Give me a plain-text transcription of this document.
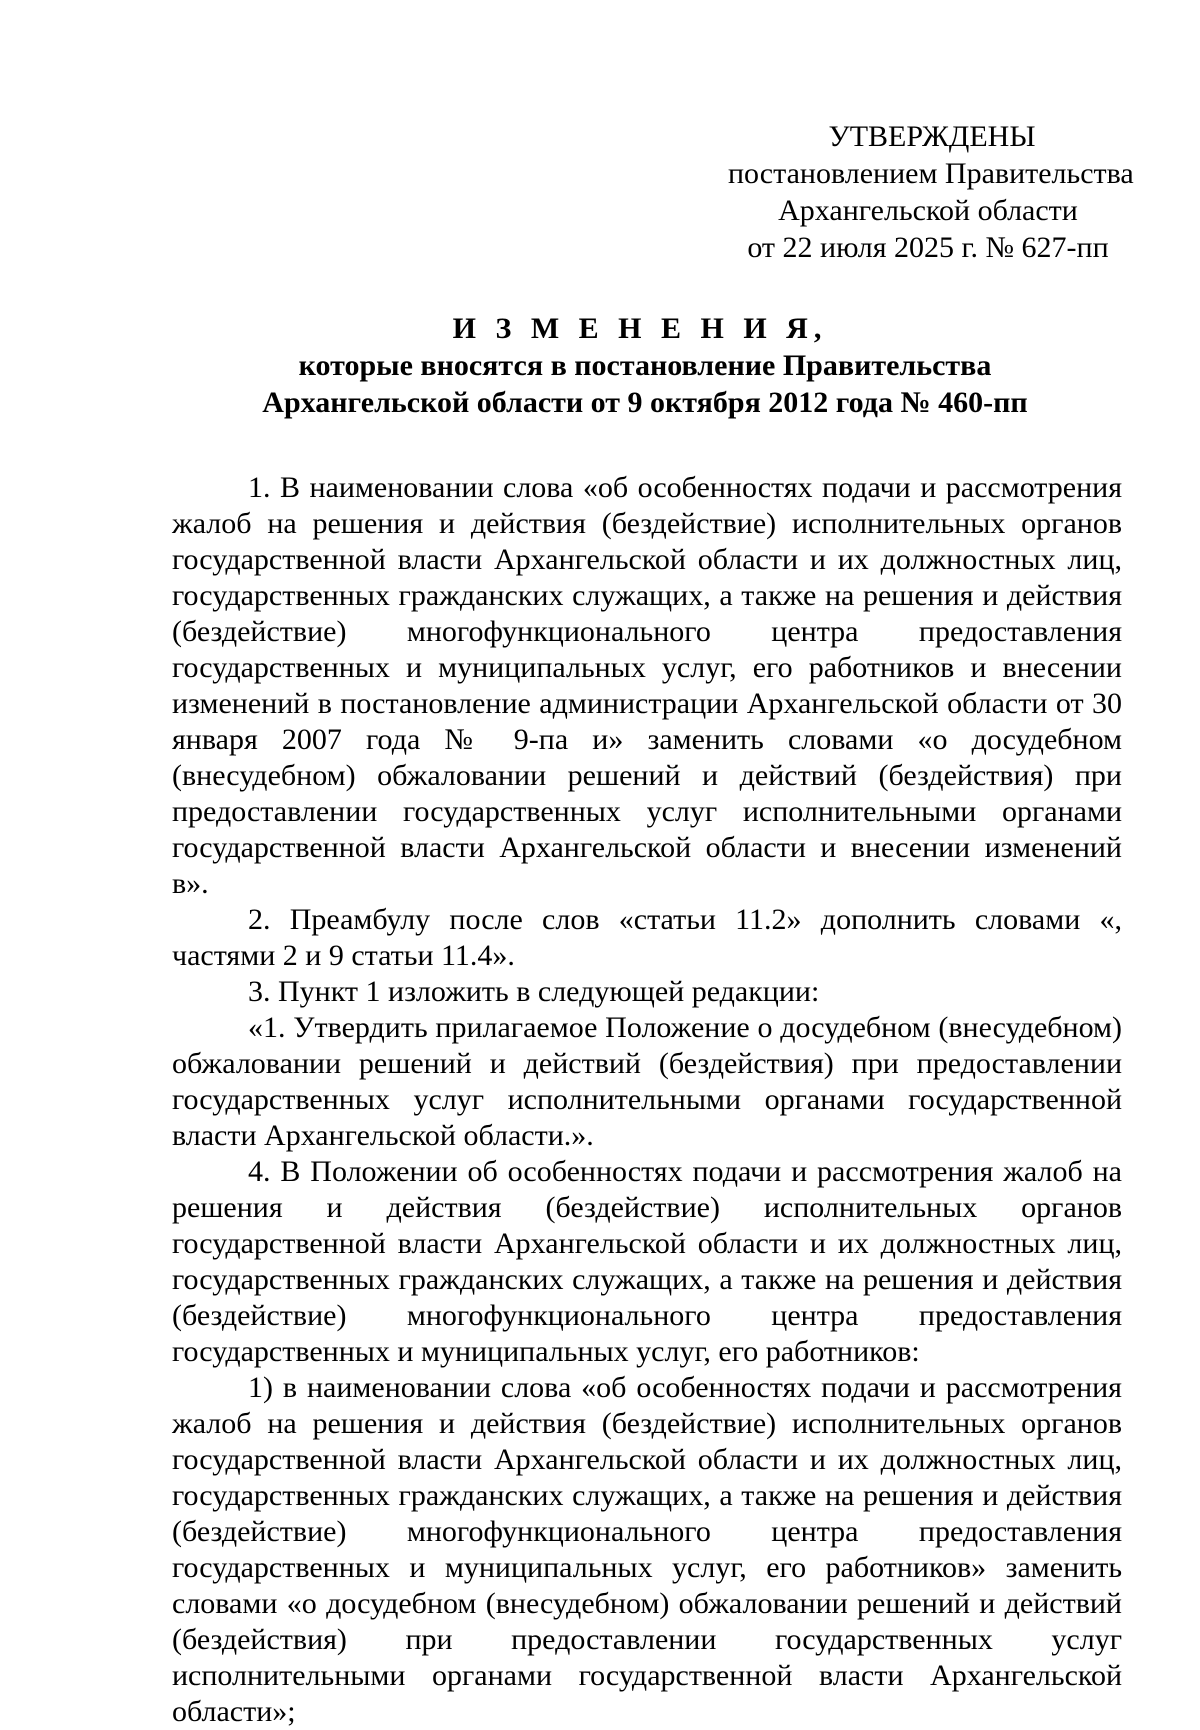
УТВЕРЖДЕНЫ
постановлением Правительства
Архангельской области
от 22 июля 2025 г. № 627-пп
И З М Е Н Е Н И Я,
которые вносятся в постановление Правительства
Архангельской области от 9 октября 2012 года № 460-пп

1. В наименовании слова «об особенностях подачи и рассмотрения жалоб на решения и действия (бездействие) исполнительных органов государственной власти Архангельской области и их должностных лиц, государственных гражданских служащих, а также на решения и действия (бездействие) многофункционального центра предоставления государственных и муниципальных услуг, его работников и внесении изменений в постановление администрации Архангельской области от 30 января 2007 года № 9-па и» заменить словами «о досудебном (внесудебном) обжаловании решений и действий (бездействия) при предоставлении государственных услуг исполнительными органами государственной власти Архангельской области и внесении изменений в».

2. Преамбулу после слов «статьи 11.2» дополнить словами «, частями 2 и 9 статьи 11.4».

3. Пункт 1 изложить в следующей редакции:

«1. Утвердить прилагаемое Положение о досудебном (внесудебном) обжаловании решений и действий (бездействия) при предоставлении государственных услуг исполнительными органами государственной власти Архангельской области.».

4. В Положении об особенностях подачи и рассмотрения жалоб на решения и действия (бездействие) исполнительных органов государственной власти Архангельской области и их должностных лиц, государственных гражданских служащих, а также на решения и действия (бездействие) многофункционального центра предоставления государственных и муниципальных услуг, его работников:

1) в наименовании слова «об особенностях подачи и рассмотрения жалоб на решения и действия (бездействие) исполнительных органов государственной власти Архангельской области и их должностных лиц, государственных гражданских служащих, а также на решения и действия (бездействие) многофункционального центра предоставления государственных и муниципальных услуг, его работников» заменить словами «о досудебном (внесудебном) обжаловании решений и действий (бездействия) при предоставлении государственных услуг исполнительными органами государственной власти Архангельской области»;
